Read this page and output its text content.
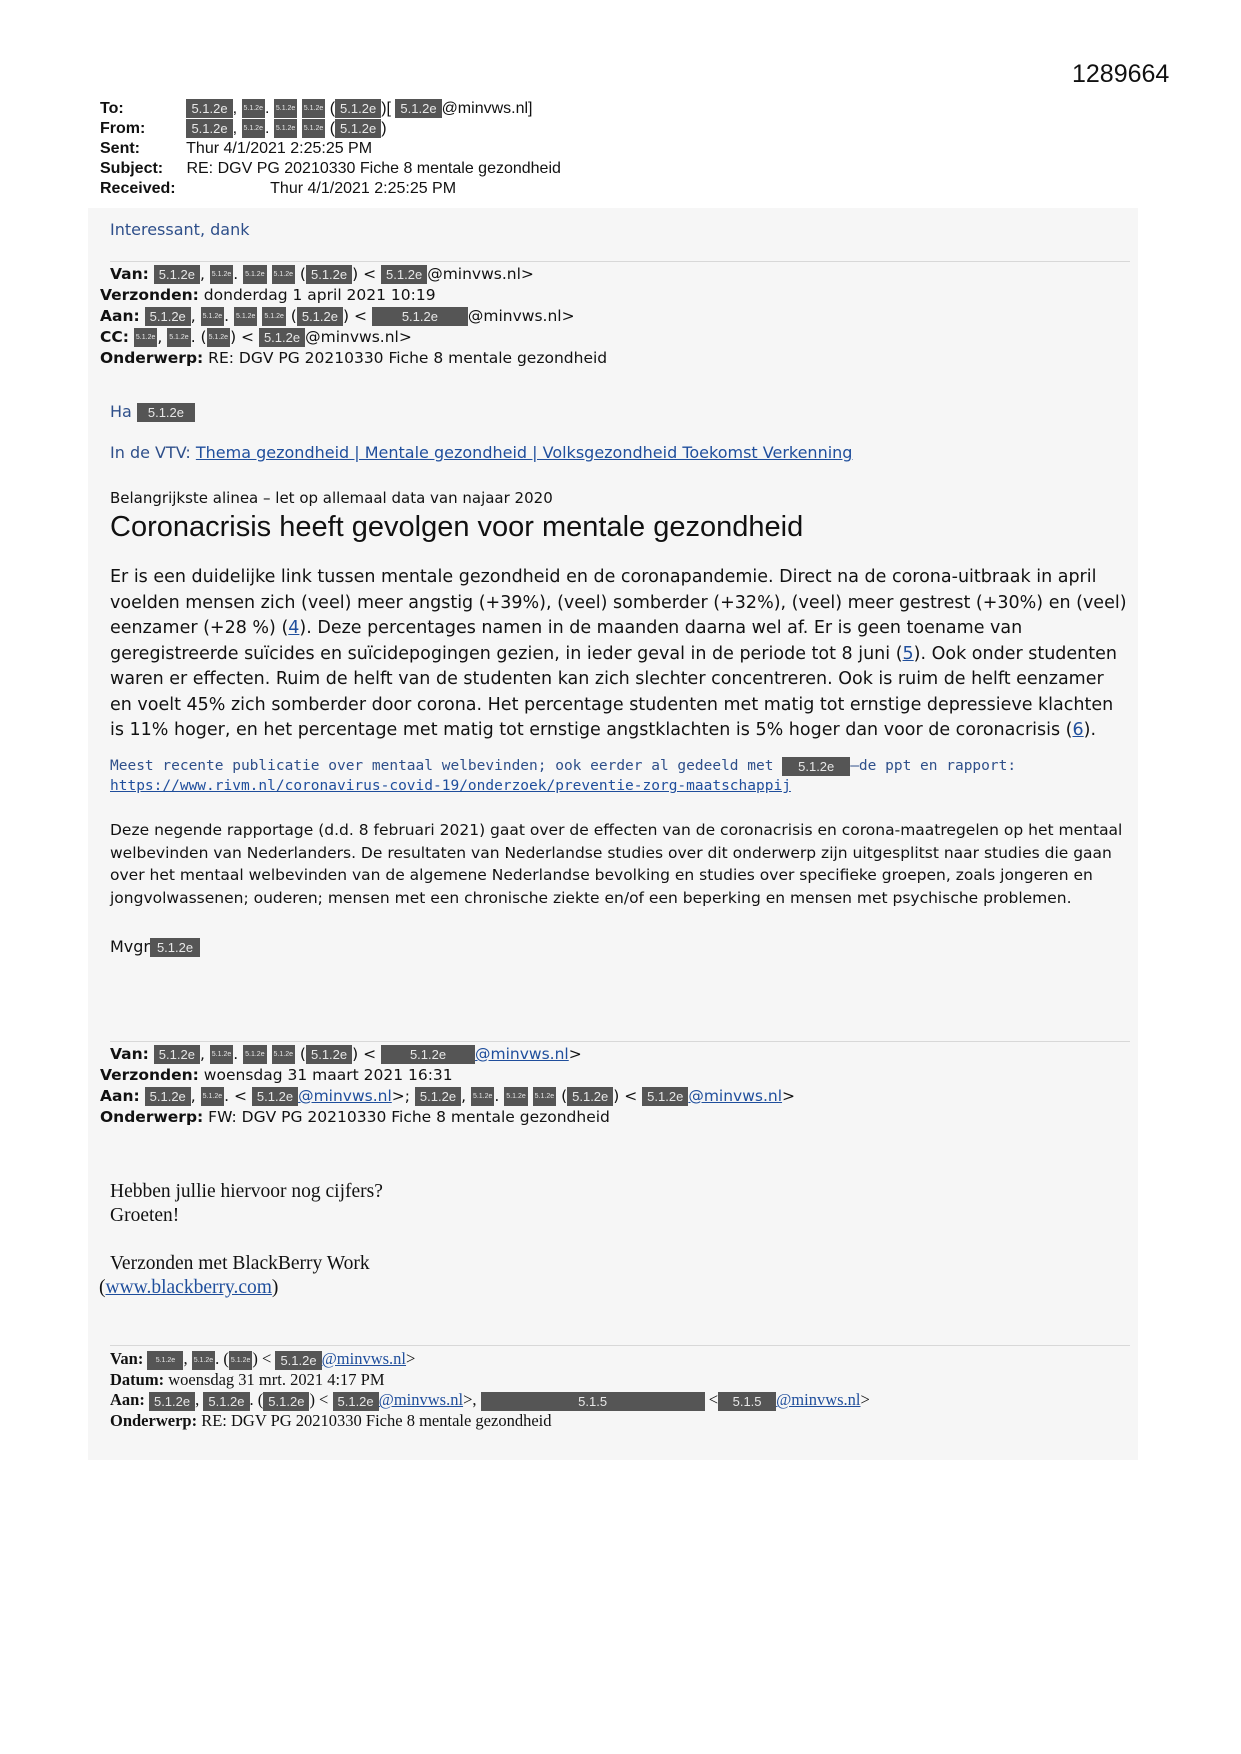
1289664
To:	5.1.2e , 5.1.2e . 5.1.2e 5.1.2e ( 5.1.2e )[ 5.1.2e @minvws.nl]
From:	5.1.2e , 5.1.2e . 5.1.2e 5.1.2e ( 5.1.2e )
Sent:	Thur 4/1/2021 2:25:25 PM
Subject: RE: DGV PG 20210330 Fiche 8 mentale gezondheid
Received:	Thur 4/1/2021 2:25:25 PM
Interessant, dank
Van: 5.1.2e , 5.1.2e . 5.1.2e 5.1.2e ( 5.1.2e ) < 5.1.2e @minvws.nl>
Verzonden: donderdag 1 april 2021 10:19
Aan: 5.1.2e , 5.1.2e . 5.1.2e 5.1.2e ( 5.1.2e ) < 5.1.2e @minvws.nl>
CC: 5.1.2e , 5.1.2e . ( 5.1.2e ) < 5.1.2e @minvws.nl>
Onderwerp: RE: DGV PG 20210330 Fiche 8 mentale gezondheid
Ha 5.1.2e
In de VTV: Thema gezondheid | Mentale gezondheid | Volksgezondheid Toekomst Verkenning
Belangrijkste alinea – let op allemaal data van najaar 2020
Coronacrisis heeft gevolgen voor mentale gezondheid
Er is een duidelijke link tussen mentale gezondheid en de coronapandemie. Direct na de corona-uitbraak in april voelden mensen zich (veel) meer angstig (+39%), (veel) somberder (+32%), (veel) meer gestrest (+30%) en (veel) eenzamer (+28 %) (4). Deze percentages namen in de maanden daarna wel af. Er is geen toename van geregistreerde suïcides en suïcidepogingen gezien, in ieder geval in de periode tot 8 juni (5). Ook onder studenten waren er effecten. Ruim de helft van de studenten kan zich slechter concentreren. Ook is ruim de helft eenzamer en voelt 45% zich somberder door corona. Het percentage studenten met matig tot ernstige depressieve klachten is 11% hoger, en het percentage met matig tot ernstige angstklachten is 5% hoger dan voor de coronacrisis (6).
Meest recente publicatie over mentaal welbevinden; ook eerder al gedeeld met 5.1.2e –de ppt en rapport:
https://www.rivm.nl/coronavirus-covid-19/onderzoek/preventie-zorg-maatschappij
Deze negende rapportage (d.d. 8 februari 2021) gaat over de effecten van de coronacrisis en corona-maatregelen op het mentaal welbevinden van Nederlanders. De resultaten van Nederlandse studies over dit onderwerp zijn uitgesplitst naar studies die gaan over het mentaal welbevinden van de algemene Nederlandse bevolking en studies over specifieke groepen, zoals jongeren en jongvolwassenen; ouderen; mensen met een chronische ziekte en/of een beperking en mensen met psychische problemen.
Mvgr 5.1.2e
Van: 5.1.2e , 5.1.2e . 5.1.2e 5.1.2e ( 5.1.2e ) < 5.1.2e @minvws.nl>
Verzonden: woensdag 31 maart 2021 16:31
Aan: 5.1.2e , 5.1.2e . < 5.1.2e @minvws.nl>; 5.1.2e , 5.1.2e . 5.1.2e 5.1.2e ( 5.1.2e ) < 5.1.2e @minvws.nl>
Onderwerp: FW: DGV PG 20210330 Fiche 8 mentale gezondheid
Hebben jullie hiervoor nog cijfers?
Groeten!
Verzonden met BlackBerry Work
(www.blackberry.com)
Van: 5.1.2e , 5.1.2e . ( 5.1.2e ) < 5.1.2e @minvws.nl>
Datum: woensdag 31 mrt. 2021 4:17 PM
Aan: 5.1.2e , 5.1.2e . ( 5.1.2e ) < 5.1.2e @minvws.nl>,	5.1.5	< 5.1.5 @minvws.nl>
Onderwerp: RE: DGV PG 20210330 Fiche 8 mentale gezondheid
